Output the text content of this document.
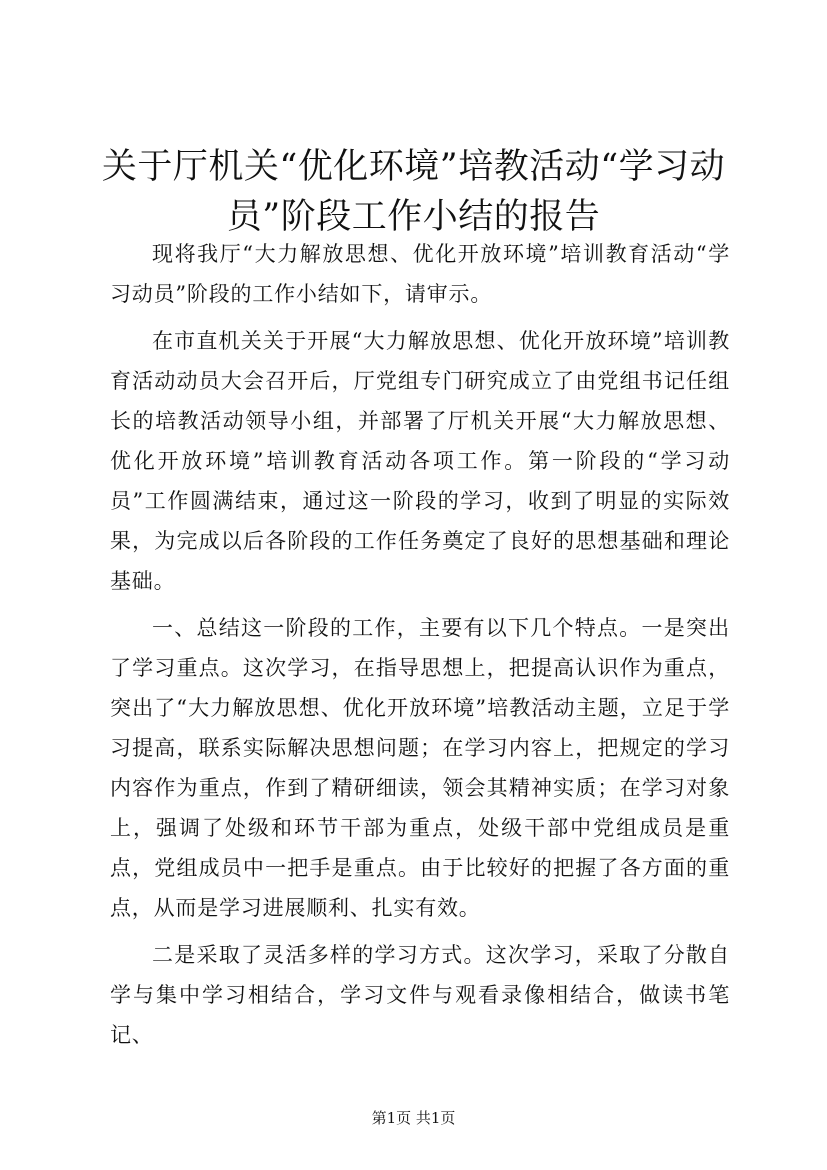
关于厅机关“优化环境”培教活动“学习动员”阶段工作小结的报告

现将我厅“大力解放思想、优化开放环境”培训教育活动“学习动员”阶段的工作小结如下，请审示。

在市直机关关于开展“大力解放思想、优化开放环境”培训教育活动动员大会召开后，厅党组专门研究成立了由党组书记任组长的培教活动领导小组，并部署了厅机关开展“大力解放思想、优化开放环境”培训教育活动各项工作。第一阶段的“学习动员”工作圆满结束，通过这一阶段的学习，收到了明显的实际效果，为完成以后各阶段的工作任务奠定了良好的思想基础和理论基础。

一、总结这一阶段的工作，主要有以下几个特点。一是突出了学习重点。这次学习，在指导思想上，把提高认识作为重点，突出了“大力解放思想、优化开放环境”培教活动主题，立足于学习提高，联系实际解决思想问题；在学习内容上，把规定的学习内容作为重点，作到了精研细读，领会其精神实质；在学习对象上，强调了处级和环节干部为重点，处级干部中党组成员是重点，党组成员中一把手是重点。由于比较好的把握了各方面的重点，从而是学习进展顺利、扎实有效。

二是采取了灵活多样的学习方式。这次学习，采取了分散自学与集中学习相结合，学习文件与观看录像相结合，做读书笔记、

第1页 共1页
